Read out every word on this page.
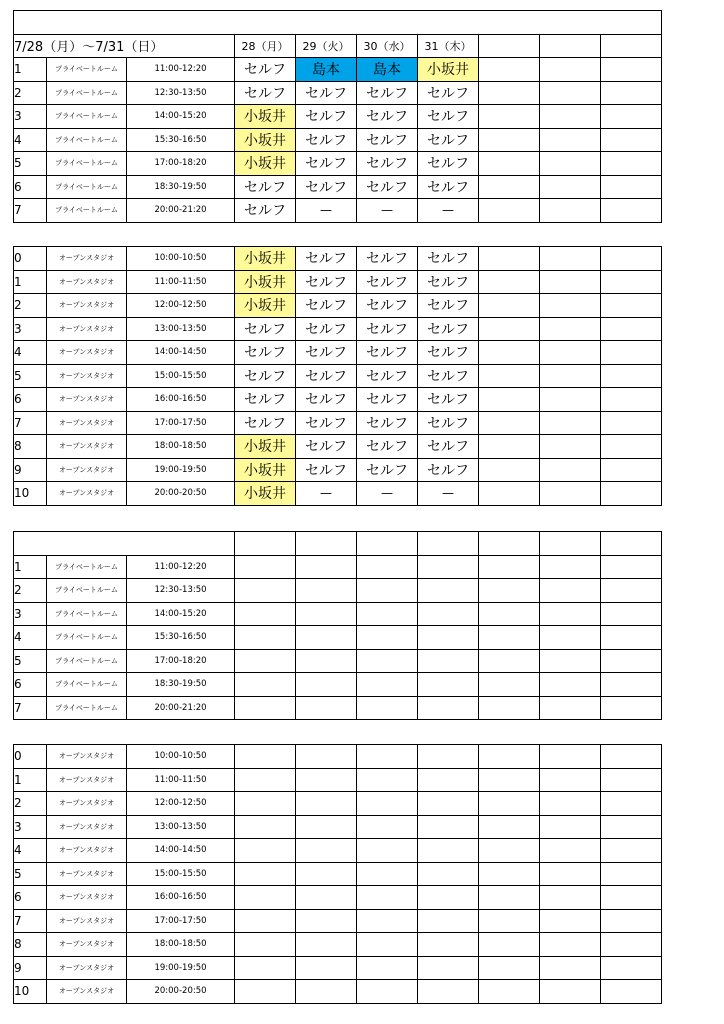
7/28（月）～7/31（日）			28（月）	29（火）	30（水）	31（木）			
1	プライベートルーム	11:00-12:20	セルフ	島本	島本	小坂井			
2	プライベートルーム	12:30-13:50	セルフ	セルフ	セルフ	セルフ			
3	プライベートルーム	14:00-15:20	小坂井	セルフ	セルフ	セルフ			
4	プライベートルーム	15:30-16:50	小坂井	セルフ	セルフ	セルフ			
5	プライベートルーム	17:00-18:20	小坂井	セルフ	セルフ	セルフ			
6	プライベートルーム	18:30-19:50	セルフ	セルフ	セルフ	セルフ			
7	プライベートルーム	20:00-21:20	セルフ	—	—	—			
0	オープンスタジオ	10:00-10:50	小坂井	セルフ	セルフ	セルフ			
1	オープンスタジオ	11:00-11:50	小坂井	セルフ	セルフ	セルフ			
2	オープンスタジオ	12:00-12:50	小坂井	セルフ	セルフ	セルフ			
3	オープンスタジオ	13:00-13:50	セルフ	セルフ	セルフ	セルフ			
4	オープンスタジオ	14:00-14:50	セルフ	セルフ	セルフ	セルフ			
5	オープンスタジオ	15:00-15:50	セルフ	セルフ	セルフ	セルフ			
6	オープンスタジオ	16:00-16:50	セルフ	セルフ	セルフ	セルフ			
7	オープンスタジオ	17:00-17:50	セルフ	セルフ	セルフ	セルフ			
8	オープンスタジオ	18:00-18:50	小坂井	セルフ	セルフ	セルフ			
9	オープンスタジオ	19:00-19:50	小坂井	セルフ	セルフ	セルフ			
10	オープンスタジオ	20:00-20:50	小坂井	—	—	—			

1	プライベートルーム	11:00-12:20							
2	プライベートルーム	12:30-13:50							
3	プライベートルーム	14:00-15:20							
4	プライベートルーム	15:30-16:50							
5	プライベートルーム	17:00-18:20							
6	プライベートルーム	18:30-19:50							
7	プライベートルーム	20:00-21:20							
0	オープンスタジオ	10:00-10:50							
1	オープンスタジオ	11:00-11:50							
2	オープンスタジオ	12:00-12:50							
3	オープンスタジオ	13:00-13:50							
4	オープンスタジオ	14:00-14:50							
5	オープンスタジオ	15:00-15:50							
6	オープンスタジオ	16:00-16:50							
7	オープンスタジオ	17:00-17:50							
8	オープンスタジオ	18:00-18:50							
9	オープンスタジオ	19:00-19:50							
10	オープンスタジオ	20:00-20:50							
